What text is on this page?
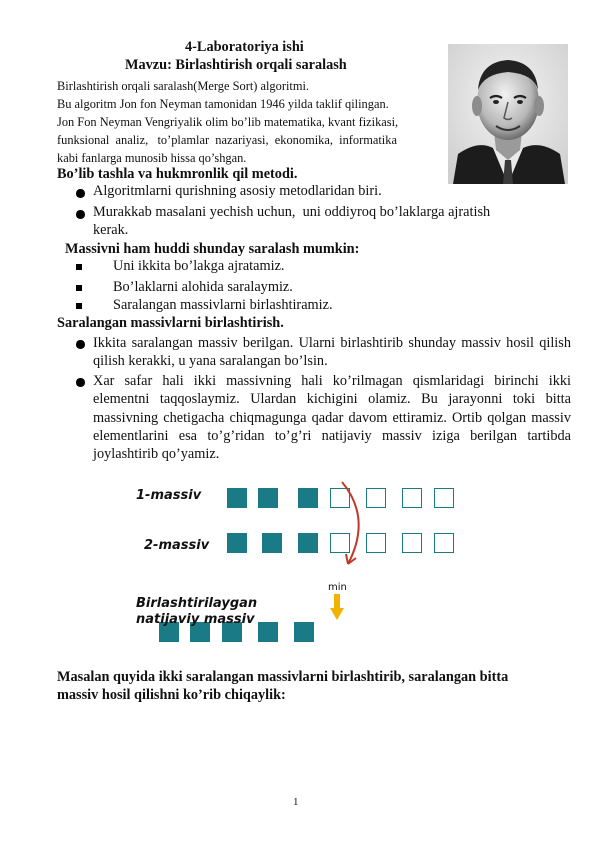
4-Laboratoriya ishi
Mavzu: Birlashtirish orqali saralash
Birlashtirish orqali saralash(Merge Sort) algoritmi.
Bu algoritm Jon fon Neyman tamonidan 1946 yilda taklif qilingan.
Jon Fon Neyman Vengriyalik olim bo’lib matematika, kvant fizikasi,
funksional  analiz,   to’plamlar  nazariyasi,  ekonomika,  informatika
kabi fanlarga munosib hissa qo’shgan.
Bo’lib tashla va hukmronlik qil metodi.
Algoritmlarni qurishning asosiy metodlaridan biri.
Murakkab masalani yechish uchun,  uni oddiyroq bo’laklarga ajratish
kerak.
Massivni ham huddi shunday saralash mumkin:
Uni ikkita bo’lakga ajratamiz.
Bo’laklarni alohida saralaymiz.
Saralangan massivlarni birlashtiramiz.
Saralangan massivlarni birlashtirish.
Ikkita saralangan massiv berilgan. Ularni birlashtirib shunday massiv hosil qilish qilish kerakki, u yana saralangan bo’lsin.
Xar safar hali ikki massivning hali ko’rilmagan qismlaridagi birinchi ikki elementni taqqoslaymiz. Ulardan kichigini olamiz. Bu jarayonni toki bitta massivning chetigacha chiqmagunga qadar davom ettiramiz. Ortib qolgan massiv elementlarini esa to’g’ridan to’g’ri natijaviy massiv iziga berilgan tartibda joylashtirib qo’yamiz.
1-massiv
2-massiv
min
Birlashtirilaygan
natijaviy massiv
Masalan quyida ikki saralangan massivlarni birlashtirib, saralangan bitta
massiv hosil qilishni ko’rib chiqaylik:
1
